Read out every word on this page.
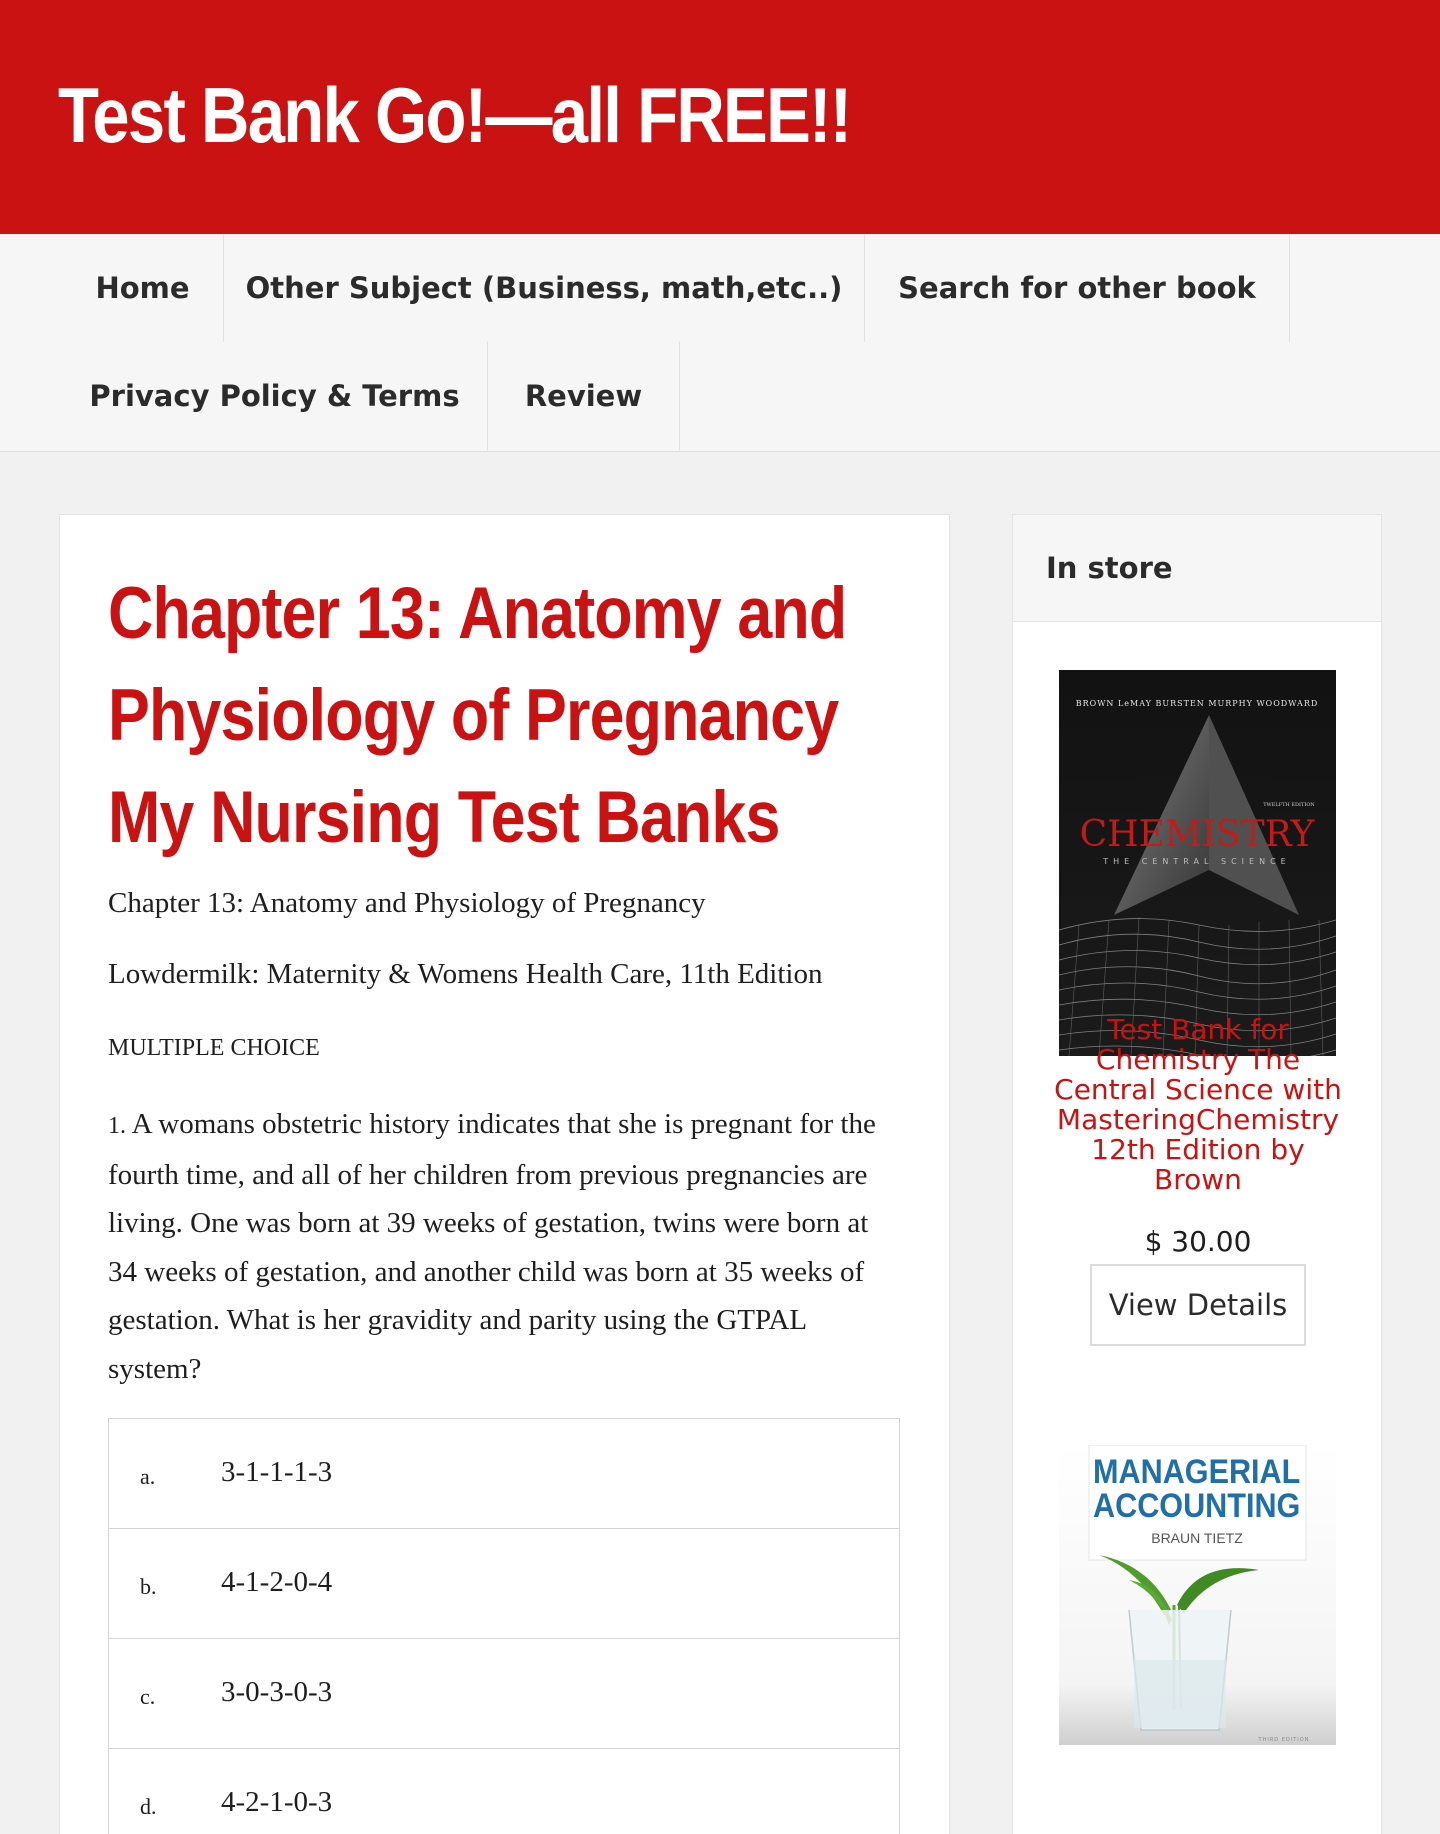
Test Bank Go!—all FREE!!
Home	Other Subject (Business, math,etc..)	Search for other book
Privacy Policy & Terms	Review
Chapter 13: Anatomy and
Physiology of Pregnancy
My Nursing Test Banks

Chapter 13: Anatomy and Physiology of Pregnancy

Lowdermilk: Maternity & Womens Health Care, 11th Edition

MULTIPLE CHOICE

1. A womans obstetric history indicates that she is pregnant for the fourth time, and all of her children from previous pregnancies are living. One was born at 39 weeks of gestation, twins were born at 34 weeks of gestation, and another child was born at 35 weeks of gestation. What is her gravidity and parity using the GTPAL system?

a. 3-1-1-1-3
b. 4-1-2-0-4
c. 3-0-3-0-3
d. 4-2-1-0-3
In store
BROWN LeMAY BURSTEN MURPHY WOODWARD
TWELFTH EDITION
CHEMISTRY
THE CENTRAL SCIENCE
Test Bank for Chemistry The Central Science with MasteringChemistry 12th Edition by Brown
$ 30.00
View Details
MANAGERIAL
ACCOUNTING
BRAUN TIETZ
THIRD EDITION
